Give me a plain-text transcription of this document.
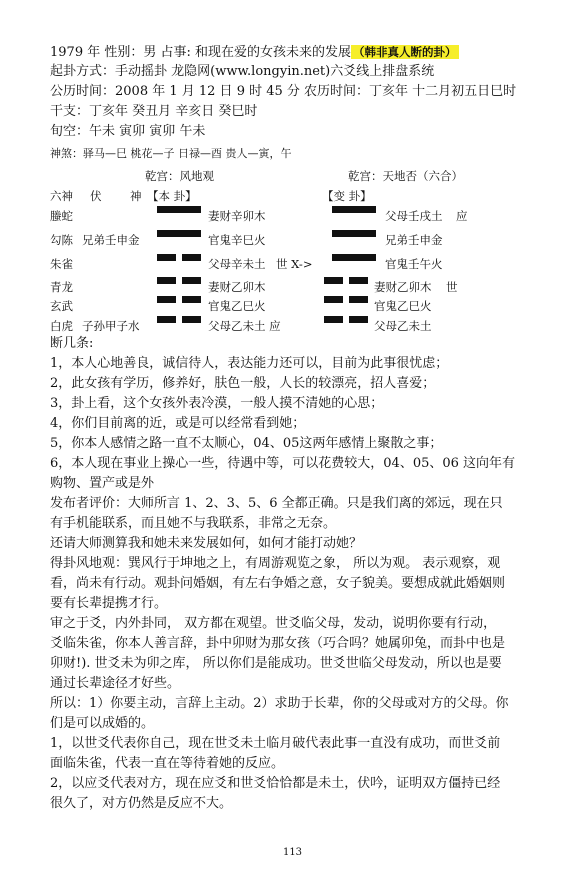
1979 年 性别：男 占事: 和现在爱的女孩未来的发展 （韩非真人断的卦）
起卦方式：手动摇卦 龙隐网(www.longyin.net)六爻线上排盘系统
公历时间：2008 年 1 月 12 日 9 时 45 分 农历时间：丁亥年 十二月初五日巳时
干支：丁亥年 癸丑月 辛亥日 癸巳时
旬空：午未 寅卯 寅卯 午未
神煞：驿马—巳 桃花—子 日禄—酉 贵人—寅，午
乾宫：风地观	乾宫：天地否（六合）
六神 伏 神 【本 卦】	【变 卦】
螣蛇	妻财辛卯木	父母壬戌土 应
勾陈 兄弟壬申金	官鬼辛巳火	兄弟壬申金
朱雀	父母辛未土 世 X->	官鬼壬午火
青龙	妻财乙卯木	妻财乙卯木 世
玄武	官鬼乙巳火	官鬼乙巳火
白虎 子孙甲子水	父母乙未土 应	父母乙未土
断几条:
1，本人心地善良，诚信待人，表达能力还可以，目前为此事很忧虑；
2，此女孩有学历，修养好，肤色一般，人长的较漂亮，招人喜爱；
3，卦上看，这个女孩外表冷漠，一般人摸不清她的心思；
4，你们目前离的近，或是可以经常看到她；
5，你本人感情之路一直不太顺心，04、05这两年感情上聚散之事；
6，本人现在事业上操心一些，待遇中等，可以花费较大，04、05、06 这向年有
购物、置产或是外
发布者评价：大师所言 1、2、3、5、6 全都正确。只是我们离的郊远，现在只
有手机能联系，而且她不与我联系，非常之无奈。
还请大师测算我和她未来发展如何，如何才能打动她？
得卦风地观：巽风行于坤地之上，有周游观览之象， 所以为观。 表示观察，观
看，尚未有行动。观卦问婚姻，有左右争婚之意，女子貌美。要想成就此婚姻则
要有长辈提携才行。
审之于爻，内外卦同， 双方都在观望。世爻临父母，发动，说明你要有行动，
爻临朱雀，你本人善言辞，卦中卯财为那女孩（巧合吗？她属卯兔，而卦中也是
卯财!). 世爻未为卯之库， 所以你们是能成功。世爻世临父母发动，所以也是要
通过长辈途径才好些。
所以：1）你要主动，言辞上主动。2）求助于长辈，你的父母或对方的父母。你
们是可以成婚的。
1，以世爻代表你自己，现在世爻未土临月破代表此事一直没有成功，而世爻前
面临朱雀，代表一直在等待着她的反应。
2，以应爻代表对方，现在应爻和世爻恰恰都是未土，伏吟，证明双方僵持已经
很久了，对方仍然是反应不大。
113
